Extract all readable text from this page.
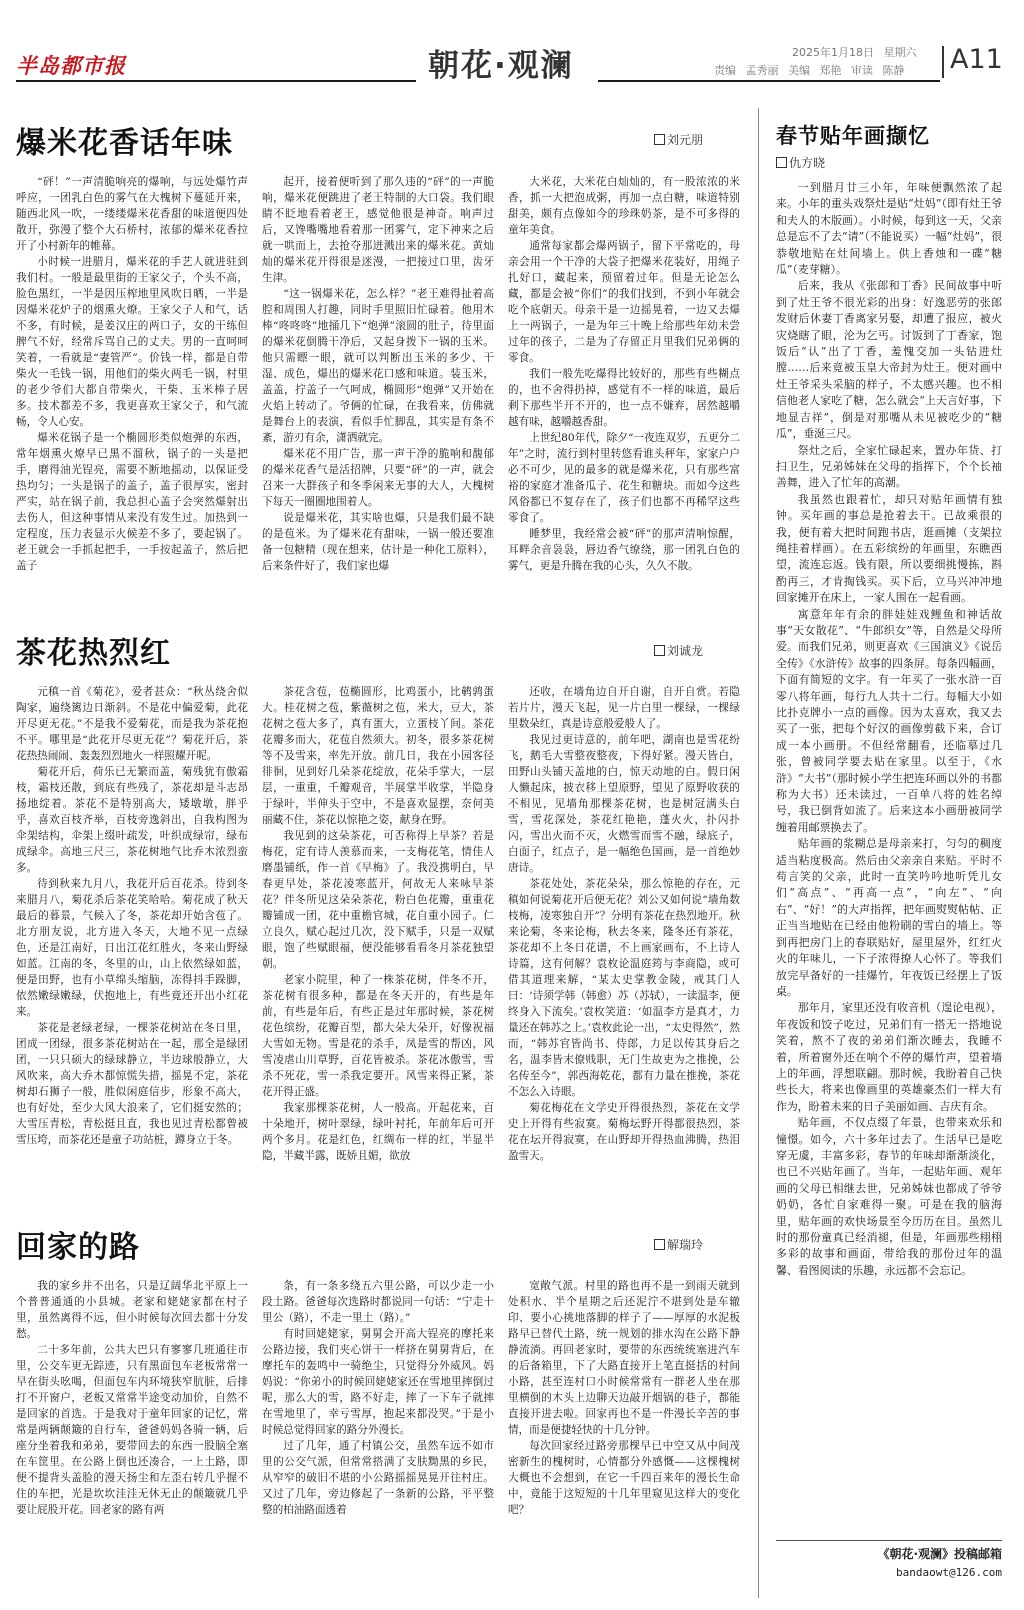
半岛都市报	朝花·观澜	2025年1月18日 星期六
责编 孟秀丽 美编 郑艳 审读 陈静 A11
爆米花香话年味	刘元朋

“砰！”一声清脆响亮的爆响，与远处爆竹声呼应，一团乳白色的雾气在大槐树下蔓延开来，随西北风一吹，一缕缕爆米花香甜的味道便四处散开，弥漫了整个大石桥村，浓郁的爆米花香拉开了小村新年的帷幕。

小时候一进腊月，爆米花的手艺人就进驻到我们村。一般是最里街的王家父子，个头不高，脸色黑红，一半是因压榨地里风吹日晒，一半是因爆米花炉子的烟熏火燎。王家父子人和气，话不多，有时候，是姜汉庄的两口子，女的干练但脾气不好，经常斥骂自己的丈夫。男的一直呵呵笑着，一看就是“妻管严”。价钱一样，都是自带柴火一毛钱一锅，用他们的柴火两毛一锅，村里的老少爷们大都自带柴火，干柴、玉米棒子居多。技术都差不多，我更喜欢王家父子，和气流畅，令人心安。

爆米花锅子是一个椭圆形类似炮弹的东西，常年烟熏火燎早已黑不溜秋，锅子的一头是把手，磨得油光锃亮，需要不断地摇动，以保证受热均匀；一头是锅子的盖子，盖子很厚实，密封严实，站在锅子前，我总担心盖子会突然爆射出去伤人，但这种事情从来没有发生过。加热到一定程度，压力表显示火候差不多了，要起锅了。老王就会一手抓起把手，一手按起盖子，然后把盖子

起开，接着便听到了那久违的“砰”的一声脆响，爆米花便跳进了老王特制的大口袋。我们眼睛不眨地看着老王，感觉他很是神奇。响声过后，又馋嘴嘴地看着那一团雾气，定下神来之后就一哄而上，去抢夺那迸溅出来的爆米花。黄灿灿的爆米花开得很是迷漫，一把接过口里，齿牙生津。

“这一锅爆米花，怎么样？”老王难得扯着高腔和周围人打趣，同时手里照旧忙碌着。他用木棒“咚咚咚”地捅几下“炮弹”滚圆的肚子，待里面的爆米花倒腾干净后，又起身拨下一锅的玉米。他只需瞟一眼，就可以判断出玉米的多少、干湿、成色，爆出的爆米花口感和味道。装玉米，盖盖，拧盖子一气呵成，椭圆形“炮弹”又开始在火焰上转动了。爷俩的忙碌，在我看来，仿佛就是舞台上的表演，看似手忙脚乱，其实是有条不紊，游刃有余，潇洒就完。

爆米花不用广告，那一声干净的脆响和馥郁的爆米花香气是活招牌，只要“砰”的一声，就会召来一大群孩子和冬季闲来无事的大人，大槐树下每天一圈圈地围着人。

说是爆米花，其实啥也爆，只是我们最不缺的是苞米。为了爆米花有甜味，一锅一般还要准备一包糖精（现在想来，估计是一种化工原料），后来条件好了，我们家也爆

大米花，大米花白灿灿的，有一股浓浓的米香，抓一大把泡成粥，再加一点白糖，味道特别甜美，颇有点像如今的珍珠奶茶，是不可多得的童年美食。

通常每家都会爆两锅子，留下平常吃的，母亲会用一个干净的大袋子把爆米花装好，用绳子扎好口，藏起来，预留着过年。但是无论怎么藏，都是会被“你们”的我们找到，不到小年就会吃个底朝天。母亲干是一边摇晃着，一边又去爆上一两锅子，一是为年三十晚上给那些年幼未尝过年的孩子，二是为了存留正月里我们兄弟俩的零食。

我们一般先吃爆得比较好的，那些有些糊点的，也不舍得扔掉，感觉有不一样的味道，最后剩下那些半开不开的，也一点不嫌弃，居然越嚼越有味，越嚼越香甜。

上世纪80年代，除夕“一夜连双岁，五更分二年”之时，流行到村里转悠看谁头秤年，家家户户必不可少，见的最多的就是爆米花，只有那些富裕的家庭才准备瓜子、花生和糖块。而如今这些风俗都已不复存在了，孩子们也都不再稀罕这些零食了。

睡梦里，我经常会被“砰”的那声清响惊醒，耳畔余音袅袅，唇边香气缭绕，那一团乳白色的雾气，更是升腾在我的心头，久久不散。

茶花热烈红	刘诚龙

元稹一首《菊花》，爱者甚众：“秋丛绕舍似陶家，遍绕篱边日渐斜。不是花中偏爱菊，此花开尽更无花。”不是我不爱菊花，而是我为茶花抱不平。哪里是“此花开尽更无花”？菊花开后，茶花热热闹闹、轰轰烈烈地火一样照耀开呢。

菊花开后，荷乐已无繁而盖，菊残犹有傲霜枝，霜枝还散，到底有些残了，茶花却是斗志昂扬地绽着。茶花不是特别高大，矮墩墩，胖乎乎，喜欢百枝齐举，百枝旁逸斜出，自我构图为伞架结构，伞架上缀叶疏发，叶织成绿帘，绿布成绿伞。高地三尺三，茶花树地气比乔木浓烈蛮多。

待到秋来九月八，我花开后百花杀。待到冬来腊月八，菊花杀后茶花笑哈哈。菊花成了秋天最后的暮景，气候入了冬，茶花却开始含苞了。北方朋友说，北方进入冬天，大地不见一点绿色，还是江南好，日出江花红胜火，冬来山野绿如蓝。江南的冬，冬里的山，山上依然绿如蓝，便是田野，也有小草绵头缩脑，冻得抖手跺脚，依然嫩绿嫩绿，伏抱地上，有些竟还开出小红花来。

茶花是老绿老绿，一棵茶花树站在冬日里，团成一团绿，很多茶花树站在一起，那全是绿团团，一只只硕大的绿球静立，半边球般静立，大风吹来，高大乔木都惊慌失措，摇晃不定，茶花树却石狮子一般，胜似闲庭信步，形象不高大，也有好处，至少大风大浪来了，它们挺安然的；大雪压青松，青松挺且直，我也见过青松都曾被雪压垮，而茶花还是童子功站桩，蹲身立于冬。

茶花含苞，苞椭圆形，比鸡蛋小，比鹌鹑蛋大。桂花树之苞，紫薇树之苞，米大，豆大，茶花树之苞大多了，真有蛋大，立蛋枝丫间。茶花花瓣多而大，花苞自然须大。初冬，很多茶花树等不及雪来，率先开放。前几日，我在小园客径徘徊，见到好几朵茶花绽放，花朵手掌大，一层层，一重重，千瓣观音，半展掌半收掌，半隐身于绿叶，半伸头于空中，不是喜欢显摆，奈何美丽藏不住，茶花以惊艳之姿，献身在野。

我见到的这朵茶花，可否称得上早茶？若是梅花，定有诗人羡慕而来，一支梅花笔，情佳人磨墨铺纸，作一首《早梅》了。我没携明白，早春更早处，茶花凌寒蓝开，何故无人来咏早茶花？伴冬所见这朵朵茶花，粉白色花瓣，重重花瓣铺成一团，花中重檐官城，花自重小园子。仁立良久，赋心起过几次，没下赋手，只是一双赋眼，饱了些赋眼福，便没能够看看冬月茶花独望朝。

老家小院里，种了一株茶花树，伴冬不开，茶花树有很多种，都是在冬天开的，有些是年前，有些是年后，有些正是过年那时候，茶花树花色缤纷，花瓣百型，都大朵大朵开，好像祝福大雪如无物。雪是花的杀手，凤是雪的帮凶，风雪凌虐山川草野，百花皆被杀。茶花冰傲雪，雪杀不死花，雪一杀我定要开。风雪来得正紧，茶花开得正盛。

我家那棵茶花树，人一般高。开起花来，百十朵地开，树叶翠绿，绿叶衬托，年前年后可开两个多月。花是红色，红绸布一样的红，半显半隐，半藏半露，既娇且媚，欲放

还收，在墙角边自开自谢，自开自赏。若隐若片片，漫天飞起，见一片白里一棵绿，一棵绿里数朵红，真是诗意般爱般人了。

我见过更诗意的，前年吧，湖南也是雪花纷飞，鹅毛大雪整夜整夜，下得好紧。漫天皆白，田野山头铺天盖地的白，惊天动地的白。假日闲人懒起床，披衣移上望原野，望见了原野收获的不相见，见墙角那棵茶花树，也是树冠满头白雪，雪花深处，茶花红艳艳，蓬火火，扑闪扑闪，雪出火而不灭，火燃雪而雪不融，绿底子，白面子，红点子，是一幅绝色国画，是一首绝妙唐诗。

茶花处处，茶花朵朵，那么惊艳的存在，元稹如何说菊花开后便无花？刘公又如何说“墙角数枝梅，凌寒独自开”？分明有茶花在热烈地开。秋来论菊，冬来论梅，秋去冬来，隆冬还有茶花，茶花却不上冬日花谱，不上画家画布，不上诗人诗篇，这有何解？袁枚论温庭筠与李商隐，或可借其道理来解，“某太史掌教金陵，戒其门人曰：‘诗须学韩（韩愈）苏（苏轼），一读温李，便终身入下流矣。’袁枚笑道：‘如温李方是真才，力量还在韩苏之上。’袁枚此论一出，“太史得然”，然而，“韩苏官皆尚书、侍郎，力足以传其身后之名，温李皆末僚贱职，无门生故吏为之推挽，公名传至今”，郭西海乾花，都有力量在推挽，茶花不怎么入诗眼。

菊花梅花在文学史开得很热烈，茶花在文学史上开得有些寂寞。菊梅坛野开得都很热烈，茶花在坛开得寂寞，在山野却开得热血沸腾，热泪盈雪天。

回家的路	解瑞玲

我的家乡并不出名，只是辽阔华北平原上一个普普通通的小县城。老家和姥姥家都在村子里，虽然离得不远，但小时候每次回去都十分发愁。

二十多年前，公共大巴只有寥寥几班通往市里，公交车更无踪迹，只有黑面包车老板常常一早在街头吆喝，但面包车内环境狭窄肮脏，后排打不开窗户，老板又常常半途变动加价，自然不是回家的首选。于是我对于童年回家的记忆，常常是两辆颠簸的自行车，爸爸妈妈各骑一辆，后座分坐着我和弟弟，要带回去的东西一股脑全塞在车筐里。在公路上倒也还凑合，一上土路，即便不提背头盖脸的漫天扬尘和左歪右转几乎握不住的车把，光是坎坎洼洼无休无止的颠簸就几乎要让屁股开花。回老家的路有两

条，有一条多绕五六里公路，可以少走一小段土路。爸爸每次选路时都说同一句话：“宁走十里公（路），不走一里土（路）。”

有时回姥姥家，舅舅会开高大锃亮的摩托来公路边接，我们夹心饼干一样挤在舅舅背后，在摩托车的轰鸣中一骑绝尘，只觉得分外威风。妈妈说：“你弟小的时候回姥姥家还在雪地里摔倒过呢，那么大的雪，路不好走，摔了一下车子就摔在雪地里了，幸亏雪厚，抱起来都没哭。”于是小时候总觉得回家的路分外漫长。

过了几年，通了村镇公交，虽然车远不如市里的公交气派，但常常搭满了支肤黝黑的乡民，从窄窄的破旧不堪的小公路摇摇晃晃开往村庄。又过了几年，旁边修起了一条新的公路，平平整整的柏油路面透着

宽敞气派。村里的路也再不是一到雨天就到处积水、半个星期之后还泥泞不堪到处是车辙印、要小心挑地落脚的样子了——厚厚的水泥板路早已替代土路，统一规划的排水沟在公路下静静流淌。再回老家时，要带的东西统统塞进汽车的后备箱里，下了大路直接开上笔直挺括的村间小路，甚至连村口小时候常常有一群老人坐在那里横倒的木头上边聊天边敲开烟锅的巷子，都能直接开进去啦。回家再也不是一件漫长辛苦的事情，而是便捷轻快的十几分钟。

每次回家经过路旁那棵早已中空又从中间茂密新生的槐树时，心情都分外感慨——这棵槐树大概也不会想到，在它一千四百来年的漫长生命中，竟能于这短短的十几年里窥见这样大的变化吧？

春节贴年画撷忆
仇方晓

一到腊月廿三小年，年味便飘然浓了起来。小年的重头戏祭灶是贴“灶妈”（即有灶王爷和夫人的木版画）。小时候，每到这一天，父亲总是忘不了去“请”（不能说买）一幅“灶妈”，很恭敬地贴在灶间墙上。供上香烛和一碟“糖瓜”（麦芽糖）。

后来，我从《张郎和丁香》民间故事中听到了灶王爷不很光彩的出身：好逸恶劳的张郎发财后休妻丁香离家另娶，却遭了报应，被火灾烧瞎了眼，沦为乞丐。讨饭到了丁香家，饱饭后“认”出了丁香，羞愧交加一头钻进灶膛……后来竟被玉皇大帝封为灶王。便对画中灶王爷采头采脑的样子，不太感兴趣。也不相信他老人家吃了糖，怎么就会“上天言好事，下地显吉祥”，倒是对那嘴从未见被吃少的“糖瓜”，垂涎三尺。

祭灶之后，全家忙碌起来，置办年货、打扫卫生，兄弟姊妹在父母的指挥下，个个长袖善舞，进入了忙年的高潮。

我虽然也跟着忙，却只对贴年画情有独钟。买年画的事总是抢着去干。已故乘很的我，便有着大把时间跑书店，逛画摊（支架拉绳挂着样画）。在五彩缤纷的年画里，东瞧西望，流连忘返。钱有限，所以要细挑慢拣，斟酌再三，才肯掏钱买。买下后，立马兴冲冲地回家摊开在床上，一家人围在一起看画。

寓意年年有余的胖娃娃戏鲤鱼和神话故事“天女散花”、“牛郎织女”等，自然是父母所爱。而我们兄弟，则更喜欢《三国演义》《说岳全传》《水浒传》故事的四条屏。每条四幅画，下面有简短的文字。有一年买了一张水浒一百零八将年画，每行九人共十二行。每幅大小如比扑克牌小一点的画像。因为太喜欢，我又去买了一张，把每个好汉的画像剪截下来，合订成一本小画册。不但经常翻看，还临摹过几张，曾被同学要去贴在家里。以至于，《水浒》“大书”（那时候小学生把连环画以外的书都称为大书）还未读过，一百单八将的姓名绰号，我已倒背如流了。后来这本小画册被同学缠着用邮票换去了。

贴年画的浆糊总是母亲来打，匀匀的稠度适当粘度极高。然后由父亲亲自来贴。平时不苟言笑的父亲，此时一直笑吟吟地听凭儿女们“高点”、“再高一点”，“向左”、“向右”、“好！”的大声指挥，把年画熨熨帖帖、正正当当地贴在已经由他粉刷的雪白的墙上。等到再把房门上的春联贴好，屋里屋外，红红火火的年味儿，一下子浓得撩人心怀了。等我们放完早备好的一挂爆竹，年夜饭已经摆上了饭桌。

那年月，家里还没有收音机（遑论电视），年夜饭和饺子吃过，兄弟们有一搭无一搭地说笑着，熬不了夜的弟弟们渐次睡去，我睡不着，所着窗外还在响个不停的爆竹声，望着墙上的年画，浮想联翩。那时候，我盼着自己快些长大，将来也像画里的英雄豪杰们一样大有作为，盼着未来的日子美丽如画、吉庆有余。

贴年画，不仅点缀了年景，也带来欢乐和憧憬。如今，六十多年过去了。生活早已是吃穿无虞，丰富多彩，春节的年味却渐渐淡化，也已不兴贴年画了。当年，一起贴年画、观年画的父母已相继去世，兄弟姊妹也都成了爷爷奶奶，各忙自家难得一聚。可是在我的脑海里，贴年画的欢快场景至今历历在目。虽然儿时的那份童真已经消褪，但是，年画那些栩栩多彩的故事和画面，带给我的那份过年的温馨、看图阅读的乐趣，永远都不会忘记。

《朝花·观澜》投稿邮箱
bandaowt@126.com
